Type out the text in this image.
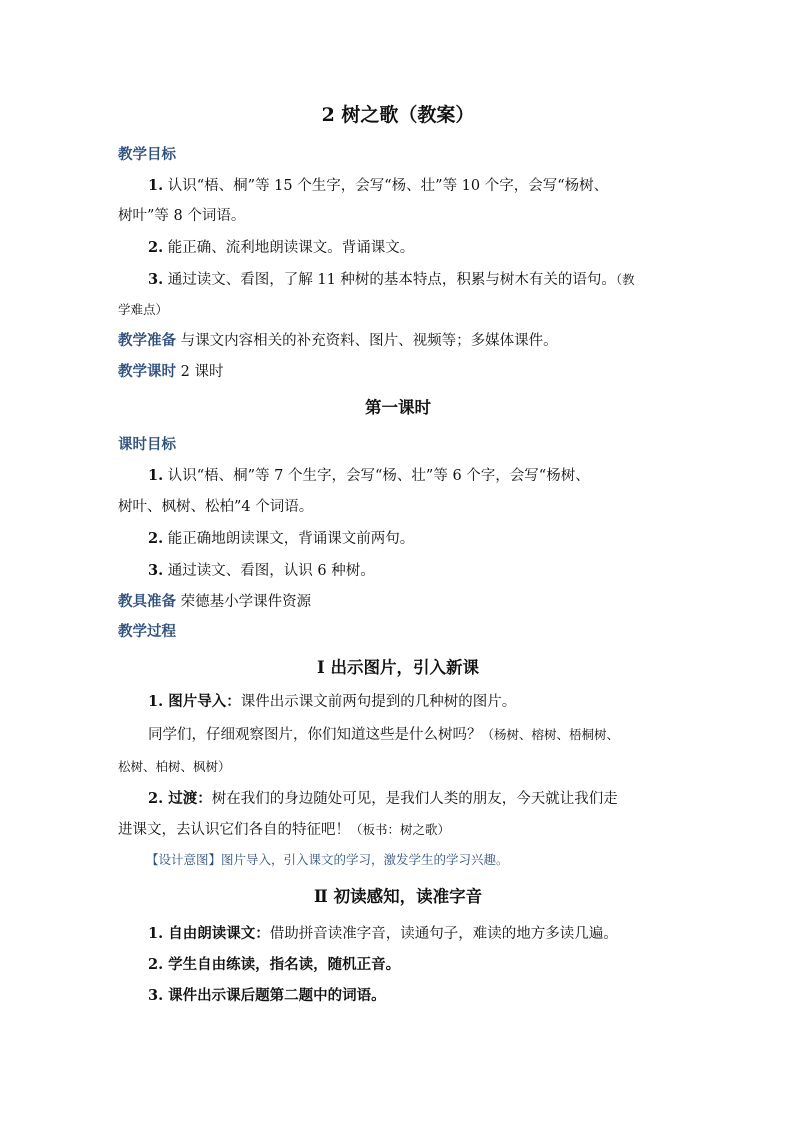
2 树之歌（教案）
教学目标
1. 认识“梧、桐”等 15 个生字，会写“杨、壮”等 10 个字，会写“杨树、
树叶”等 8 个词语。
2. 能正确、流利地朗读课文。背诵课文。
3. 通过读文、看图，了解 11 种树的基本特点，积累与树木有关的语句。（教
学难点）
教学准备 与课文内容相关的补充资料、图片、视频等；多媒体课件。
教学课时 2 课时
第一课时
课时目标
1. 认识“梧、桐”等 7 个生字，会写“杨、壮”等 6 个字，会写“杨树、
树叶、枫树、松柏”4 个词语。
2. 能正确地朗读课文，背诵课文前两句。
3. 通过读文、看图，认识 6 种树。
教具准备 荣德基小学课件资源
教学过程
Ⅰ 出示图片，引入新课
1. 图片导入：课件出示课文前两句提到的几种树的图片。
同学们，仔细观察图片，你们知道这些是什么树吗？（杨树、榕树、梧桐树、
松树、柏树、枫树）
2. 过渡：树在我们的身边随处可见，是我们人类的朋友，今天就让我们走
进课文，去认识它们各自的特征吧！（板书：树之歌）
【设计意图】图片导入，引入课文的学习，激发学生的学习兴趣。
Ⅱ 初读感知，读准字音
1. 自由朗读课文：借助拼音读准字音，读通句子，难读的地方多读几遍。
2. 学生自由练读，指名读，随机正音。
3. 课件出示课后题第二题中的词语。
